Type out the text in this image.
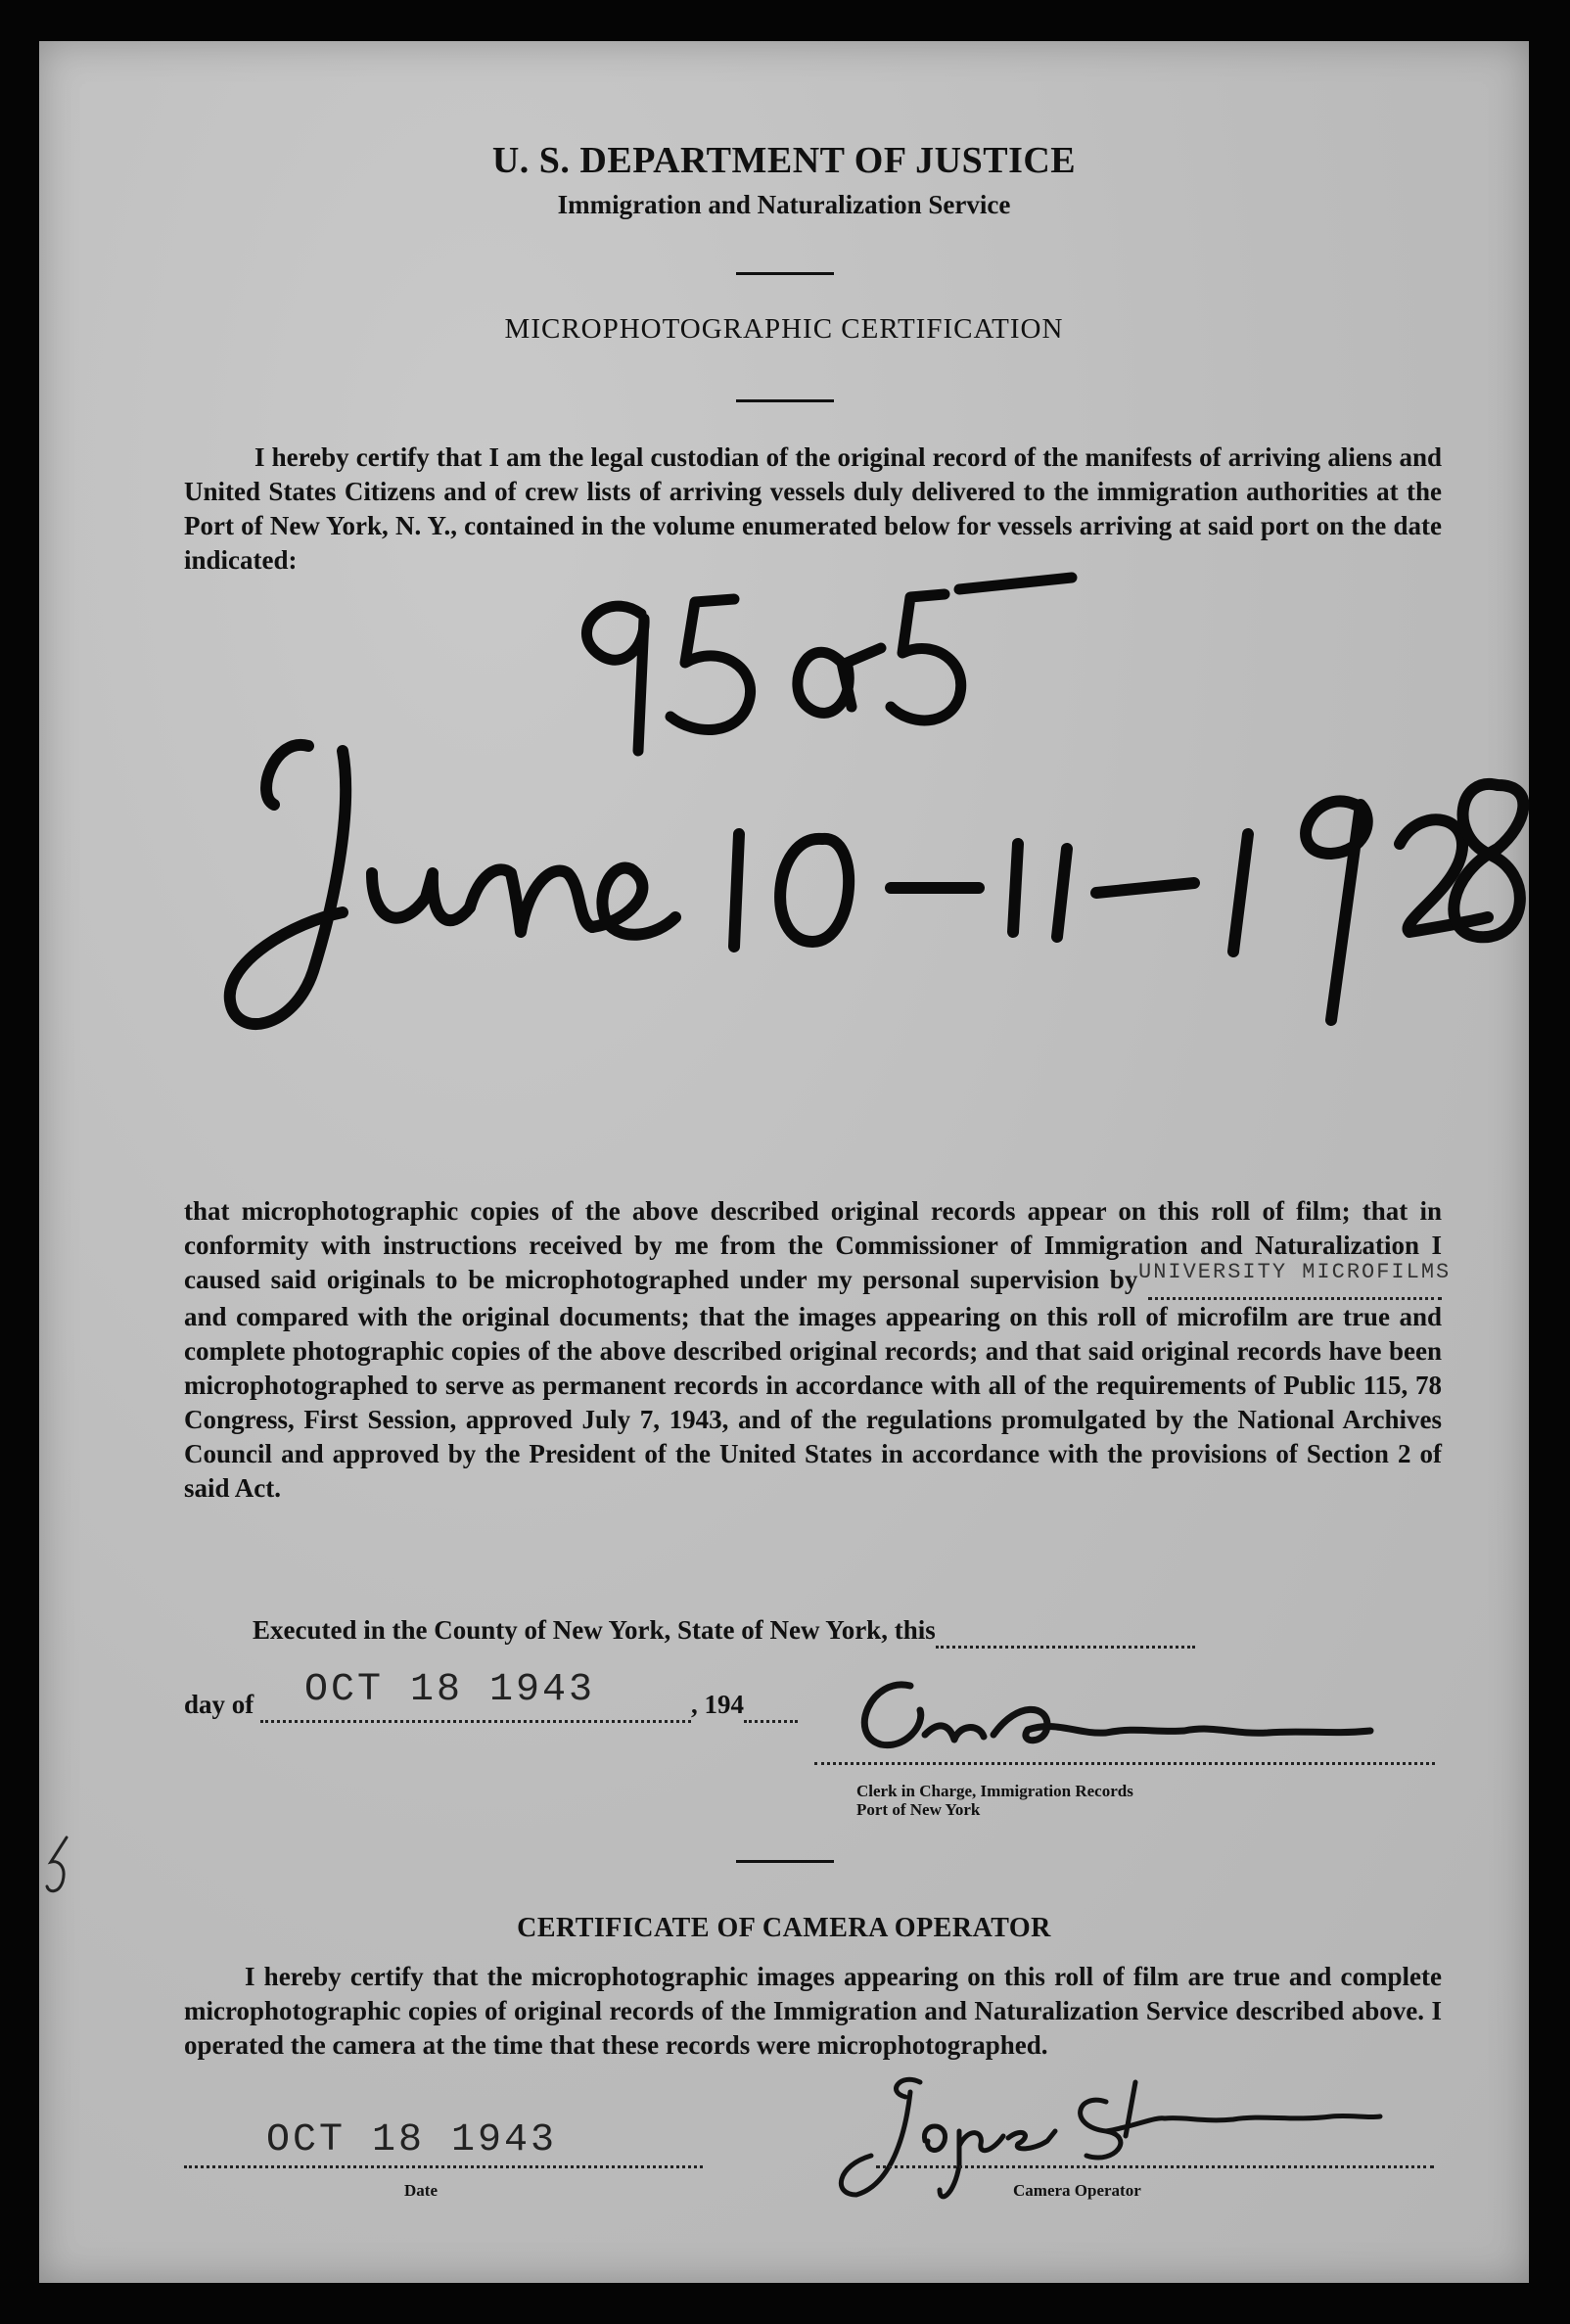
U. S. DEPARTMENT OF JUSTICE
Immigration and Naturalization Service
MICROPHOTOGRAPHIC CERTIFICATION
I hereby certify that I am the legal custodian of the original record of the manifests of arriving aliens and United States Citizens and of crew lists of arriving vessels duly delivered to the immigration authorities at the Port of New York, N. Y., contained in the volume enumerated below for vessels arriving at said port on the date indicated:
that microphotographic copies of the above described original records appear on this roll of film; that in conformity with instructions received by me from the Commissioner of Immigration and Naturalization I caused said originals to be microphotographed under my personal supervision by UNIVERSITY MICROFILMS
and compared with the original documents; that the images appearing on this roll of microfilm are true and complete photographic copies of the above described original records; and that said original records have been microphotographed to serve as permanent records in accordance with all of the requirements of Public 115, 78 Congress, First Session, approved July 7, 1943, and of the regulations promulgated by the National Archives Council and approved by the President of the United States in accordance with the provisions of Section 2 of said Act.
Executed in the County of New York, State of New York, this
day of OCT 18 1943	, 194
Clerk in Charge, Immigration Records
Port of New York
CERTIFICATE OF CAMERA OPERATOR
I hereby certify that the microphotographic images appearing on this roll of film are true and complete microphotographic copies of original records of the Immigration and Naturalization Service described above. I operated the camera at the time that these records were microphotographed.
OCT 18 1943
Date	Camera Operator
